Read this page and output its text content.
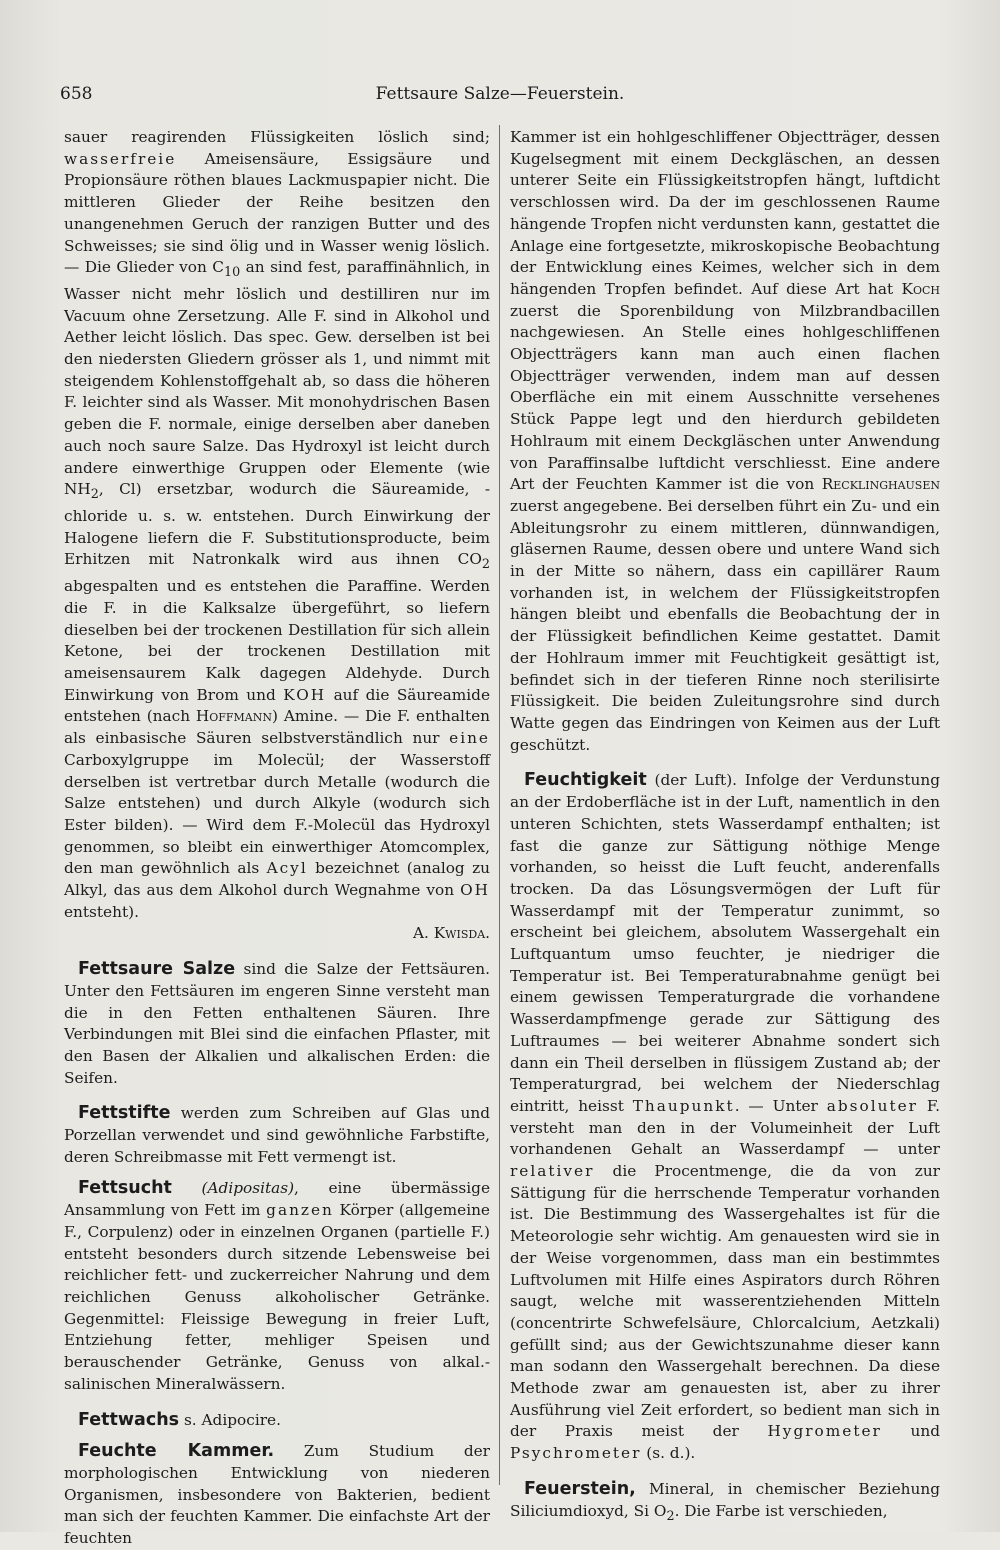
658	Fettsaure Salze—Feuerstein.

sauer reagirenden Flüssigkeiten löslich sind; wasserfreie Ameisensäure, Essigsäure und Propionsäure röthen blaues Lackmuspapier nicht. Die mittleren Glieder der Reihe besitzen den unangenehmen Geruch der ranzigen Butter und des Schweisses; sie sind ölig und in Wasser wenig löslich. — Die Glieder von $C_{10}$ an sind fest, paraffinähnlich, in Wasser nicht mehr löslich und destilliren nur im Vacuum ohne Zersetzung. Alle F. sind in Alkohol und Aether leicht löslich. Das spec. Gew. derselben ist bei den niedersten Gliedern grösser als 1, und nimmt mit steigendem Kohlenstoffgehalt ab, so dass die höheren F. leichter sind als Wasser. Mit monohydrischen Basen geben die F. normale, einige derselben aber daneben auch noch saure Salze. Das Hydroxyl ist leicht durch andere einwerthige Gruppen oder Elemente (wie $NH_2$, Cl) ersetzbar, wodurch die Säureamide, -chloride u. s. w. entstehen. Durch Einwirkung der Halogene liefern die F. Substitutionsproducte, beim Erhitzen mit Natronkalk wird aus ihnen $CO_2$ abgespalten und es entstehen die Paraffine. Werden die F. in die Kalksalze übergeführt, so liefern dieselben bei der trockenen Destillation für sich allein Ketone, bei der trockenen Destillation mit ameisensaurem Kalk dagegen Aldehyde. Durch Einwirkung von Brom und KOH auf die Säureamide entstehen (nach Hoffmann) Amine. — Die F. enthalten als einbasische Säuren selbstverständlich nur eine Carboxylgruppe im Molecül; der Wasserstoff derselben ist vertretbar durch Metalle (wodurch die Salze entstehen) und durch Alkyle (wodurch sich Ester bilden). — Wird dem F.-Molecül das Hydroxyl genommen, so bleibt ein einwerthiger Atomcomplex, den man gewöhnlich als Acyl bezeichnet (analog zu Alkyl, das aus dem Alkohol durch Wegnahme von OH entsteht).

A. Kwisda.

Fettsaure Salze sind die Salze der Fettsäuren. Unter den Fettsäuren im engeren Sinne versteht man die in den Fetten enthaltenen Säuren. Ihre Verbindungen mit Blei sind die einfachen Pflaster, mit den Basen der Alkalien und alkalischen Erden: die Seifen.

Fettstifte werden zum Schreiben auf Glas und Porzellan verwendet und sind gewöhnliche Farbstifte, deren Schreibmasse mit Fett vermengt ist.

Fettsucht (Adipositas), eine übermässige Ansammlung von Fett im ganzen Körper (allgemeine F., Corpulenz) oder in einzelnen Organen (partielle F.) entsteht besonders durch sitzende Lebensweise bei reichlicher fett- und zuckerreicher Nahrung und dem reichlichen Genuss alkoholischer Getränke. Gegenmittel: Fleissige Bewegung in freier Luft, Entziehung fetter, mehliger Speisen und berauschender Getränke, Genuss von alkal.-salinischen Mineralwässern.

Fettwachs s. Adipocire.

Feuchte Kammer. Zum Studium der morphologischen Entwicklung von niederen Organismen, insbesondere von Bakterien, bedient man sich der feuchten Kammer. Die einfachste Art der feuchten

Kammer ist ein hohlgeschliffener Objectträger, dessen Kugelsegment mit einem Deckgläschen, an dessen unterer Seite ein Flüssigkeitstropfen hängt, luftdicht verschlossen wird. Da der im geschlossenen Raume hängende Tropfen nicht verdunsten kann, gestattet die Anlage eine fortgesetzte, mikroskopische Beobachtung der Entwicklung eines Keimes, welcher sich in dem hängenden Tropfen befindet. Auf diese Art hat Koch zuerst die Sporenbildung von Milzbrandbacillen nachgewiesen. An Stelle eines hohlgeschliffenen Objectträgers kann man auch einen flachen Objectträger verwenden, indem man auf dessen Oberfläche ein mit einem Ausschnitte versehenes Stück Pappe legt und den hierdurch gebildeten Hohlraum mit einem Deckgläschen unter Anwendung von Paraffinsalbe luftdicht verschliesst. Eine andere Art der Feuchten Kammer ist die von Recklinghausen zuerst angegebene. Bei derselben führt ein Zu- und ein Ableitungsrohr zu einem mittleren, dünnwandigen, gläsernen Raume, dessen obere und untere Wand sich in der Mitte so nähern, dass ein capillärer Raum vorhanden ist, in welchem der Flüssigkeitstropfen hängen bleibt und ebenfalls die Beobachtung der in der Flüssigkeit befindlichen Keime gestattet. Damit der Hohlraum immer mit Feuchtigkeit gesättigt ist, befindet sich in der tieferen Rinne noch sterilisirte Flüssigkeit. Die beiden Zuleitungsrohre sind durch Watte gegen das Eindringen von Keimen aus der Luft geschützt.

Feuchtigkeit (der Luft). Infolge der Verdunstung an der Erdoberfläche ist in der Luft, namentlich in den unteren Schichten, stets Wasserdampf enthalten; ist fast die ganze zur Sättigung nöthige Menge vorhanden, so heisst die Luft feucht, anderenfalls trocken. Da das Lösungsvermögen der Luft für Wasserdampf mit der Temperatur zunimmt, so erscheint bei gleichem, absolutem Wassergehalt ein Luftquantum umso feuchter, je niedriger die Temperatur ist. Bei Temperaturabnahme genügt bei einem gewissen Temperaturgrade die vorhandene Wasserdampfmenge gerade zur Sättigung des Luftraumes — bei weiterer Abnahme sondert sich dann ein Theil derselben in flüssigem Zustand ab; der Temperaturgrad, bei welchem der Niederschlag eintritt, heisst Thaupunkt. — Unter absoluter F. versteht man den in der Volumeinheit der Luft vorhandenen Gehalt an Wasserdampf — unter relativer die Procentmenge, die da von zur Sättigung für die herrschende Temperatur vorhanden ist. Die Bestimmung des Wassergehaltes ist für die Meteorologie sehr wichtig. Am genauesten wird sie in der Weise vorgenommen, dass man ein bestimmtes Luftvolumen mit Hilfe eines Aspirators durch Röhren saugt, welche mit wasserentziehenden Mitteln (concentrirte Schwefelsäure, Chlorcalcium, Aetzkali) gefüllt sind; aus der Gewichtszunahme dieser kann man sodann den Wassergehalt berechnen. Da diese Methode zwar am genauesten ist, aber zu ihrer Ausführung viel Zeit erfordert, so bedient man sich in der Praxis meist der Hygrometer und Psychrometer (s. d.).

Feuerstein, Mineral, in chemischer Beziehung Siliciumdioxyd, Si $O_2$. Die Farbe ist verschieden,
